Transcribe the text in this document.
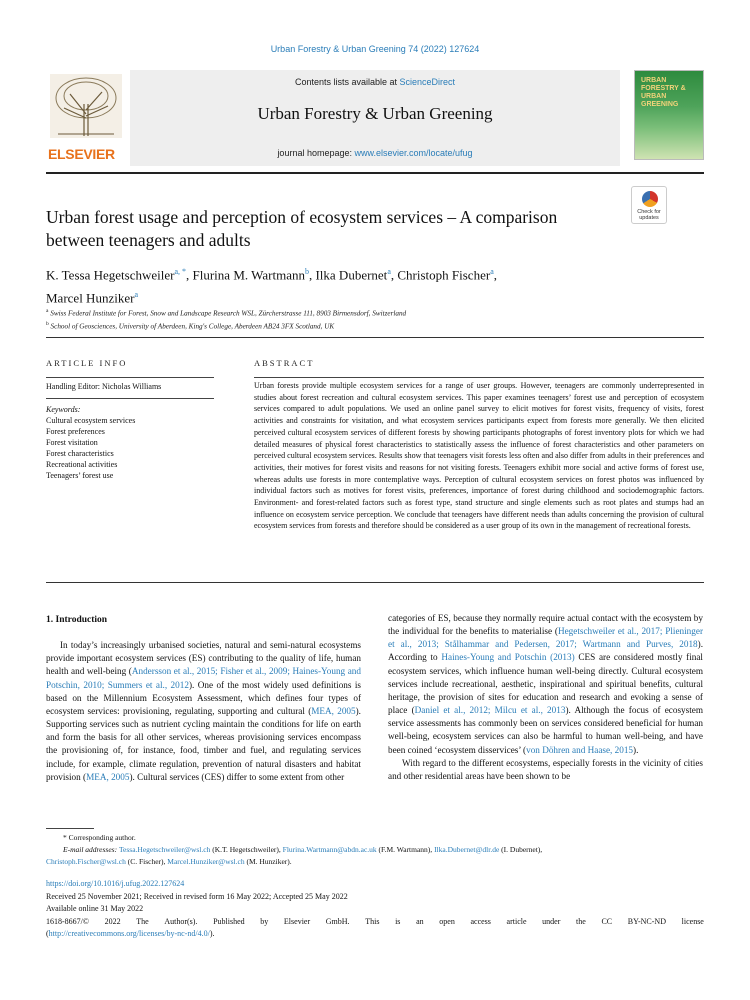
Urban Forestry & Urban Greening 74 (2022) 127624
ELSEVIER
Contents lists available at ScienceDirect
Urban Forestry & Urban Greening
journal homepage: www.elsevier.com/locate/ufug
URBAN FORESTRY & URBAN GREENING
Check for updates
Urban forest usage and perception of ecosystem services – A comparison between teenagers and adults
K. Tessa Hegetschweiler$^{a, *}$, Flurina M. Wartmann$^b$, Ilka Dubernet$^a$, Christoph Fischer$^a$,
Marcel Hunziker$^a$
$^a$ Swiss Federal Institute for Forest, Snow and Landscape Research WSL, Zürcherstrasse 111, 8903 Birmensdorf, Switzerland
$^b$ School of Geosciences, University of Aberdeen, King's College, Aberdeen AB24 3FX Scotland, UK
ARTICLE INFO	ABSTRACT
Handling Editor: Nicholas Williams
Keywords:
Cultural ecosystem services
Forest preferences
Forest visitation
Forest characteristics
Recreational activities
Teenagers’ forest use
Urban forests provide multiple ecosystem services for a range of user groups. However, teenagers are commonly underrepresented in studies about forest recreation and cultural ecosystem services. This paper examines teenagers’ forest use and perception of ecosystem services compared to adult populations. We used an online panel survey to elicit motives for forest visits, frequency of visits, forest activities and constraints for visitation, and what ecosystem services participants expect from forests more generally. We then elicited perceived cultural ecosystem services of different forests by showing participants photographs of forest inventory plots for which we had detailed measures of physical forest characteristics to statistically assess the influence of forest characteristics and other parameters on perceived cultural ecosystem services. Results show that teenagers visit forests less often and also differ from adults in their preferences and activities, their motives for forest visits and reasons for not visiting forests. Teenagers exhibit more social and active forms of forest use, whereas adults use forests in more contemplative ways. Perception of cultural ecosystem services on forest photos was influenced by individual factors such as motives for forest visits, preferences, importance of forest during childhood and sociodemographic factors. Environment- and forest-related factors such as forest type, stand structure and single elements such as root plates and stumps had an influence on ecosystem service perception. We conclude that teenagers have different needs than adults concerning the provision of cultural ecosystem services from forests and therefore should be considered as a user group of its own in the management of recreational forests.
1. Introduction
In today’s increasingly urbanised societies, natural and semi-natural ecosystems provide important ecosystem services (ES) contributing to the quality of life, human health and well-being (Andersson et al., 2015; Fisher et al., 2009; Haines-Young and Potschin, 2010; Summers et al., 2012). One of the most widely used definitions is based on the Millennium Ecosystem Assessment, which defines four types of ecosystem services: provisioning, regulating, supporting and cultural (MEA, 2005). Supporting services such as nutrient cycling maintain the conditions for life on earth and form the basis for all other services, whereas provisioning services encompass the provisioning of, for instance, food, timber and fuel, and regulating services include, for example, climate regulation, prevention of natural disasters and habitat provision (MEA, 2005). Cultural services (CES) differ to some extent from other
categories of ES, because they normally require actual contact with the ecosystem by the individual for the benefits to materialise (Hegetschweiler et al., 2017; Plieninger et al., 2013; Stålhammar and Pedersen, 2017; Wartmann and Purves, 2018). According to Haines-Young and Potschin (2013) CES are considered mostly final ecosystem services, which influence human well-being directly. Cultural ecosystem services include recreational, aesthetic, inspirational and spiritual benefits, cultural heritage, the provision of sites for education and research and evoking a sense of place (Daniel et al., 2012; Milcu et al., 2013). Although the focus of ecosystem service assessments has commonly been on services considered beneficial for human well-being, ecosystem services can also be harmful to human well-being, and have been coined ‘ecosystem disservices’ (von Döhren and Haase, 2015).
With regard to the different ecosystems, especially forests in the vicinity of cities and other residential areas have been shown to be
* Corresponding author.
E-mail addresses: Tessa.Hegetschweiler@wsl.ch (K.T. Hegetschweiler), Flurina.Wartmann@abdn.ac.uk (F.M. Wartmann), Ilka.Dubernet@dlr.de (I. Dubernet),
Christoph.Fischer@wsl.ch (C. Fischer), Marcel.Hunziker@wsl.ch (M. Hunziker).
https://doi.org/10.1016/j.ufug.2022.127624
Received 25 November 2021; Received in revised form 16 May 2022; Accepted 25 May 2022
Available online 31 May 2022
1618-8667/© 2022 The Author(s). Published by Elsevier GmbH. This is an open access article under the CC BY-NC-ND license
(http://creativecommons.org/licenses/by-nc-nd/4.0/).
